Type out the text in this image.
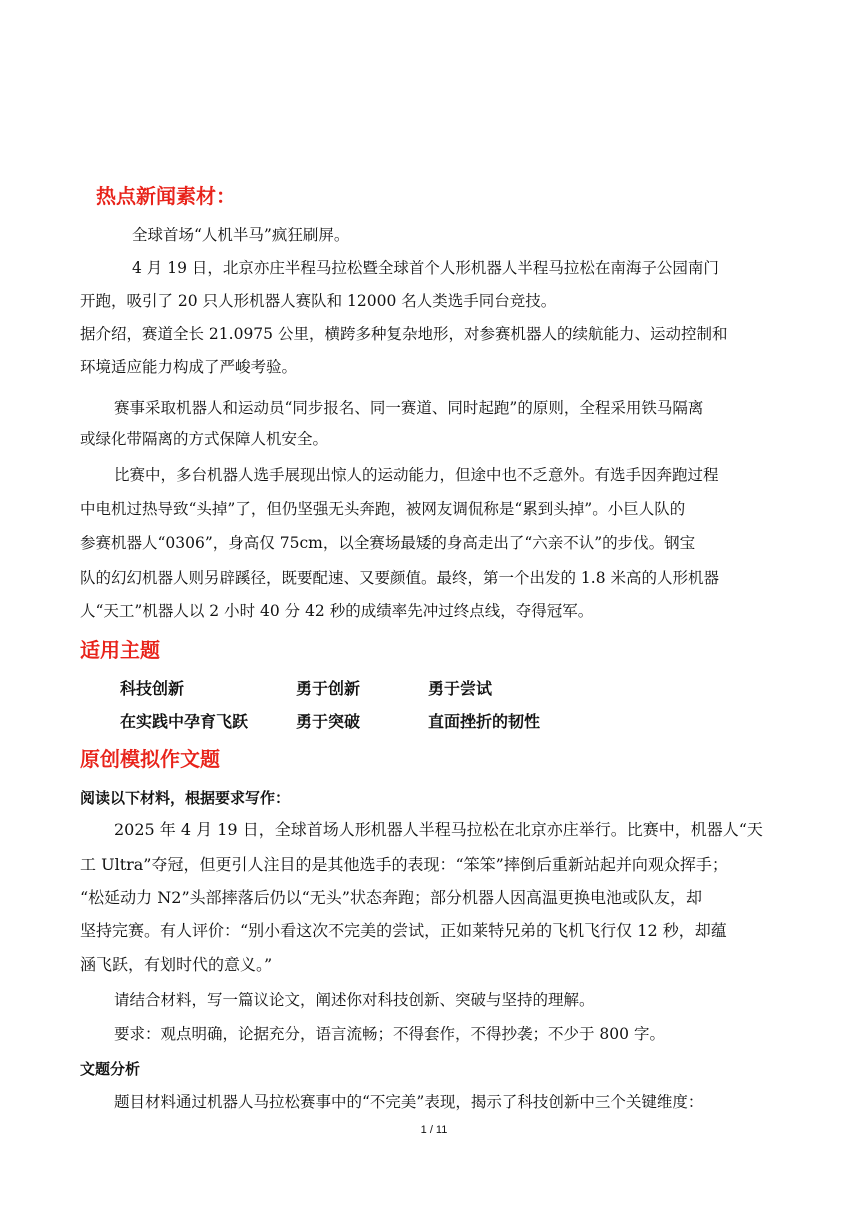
热点新闻素材：
全球首场“人机半马”疯狂刷屏。
4 月 19 日，北京亦庄半程马拉松暨全球首个人形机器人半程马拉松在南海子公园南门
开跑，吸引了 20 只人形机器人赛队和 12000 名人类选手同台竞技。
据介绍，赛道全长 21.0975 公里，横跨多种复杂地形，对参赛机器人的续航能力、运动控制和
环境适应能力构成了严峻考验。
赛事采取机器人和运动员“同步报名、同一赛道、同时起跑”的原则，全程采用铁马隔离
或绿化带隔离的方式保障人机安全。
比赛中，多台机器人选手展现出惊人的运动能力，但途中也不乏意外。有选手因奔跑过程
中电机过热导致“头掉”了，但仍坚强无头奔跑，被网友调侃称是“累到头掉”。小巨人队的
参赛机器人“0306”，身高仅 75cm，以全赛场最矮的身高走出了“六亲不认”的步伐。钢宝
队的幻幻机器人则另辟蹊径，既要配速、又要颜值。最终，第一个出发的 1.8 米高的人形机器
人“天工”机器人以 2 小时 40 分 42 秒的成绩率先冲过终点线，夺得冠军。
适用主题
科技创新	勇于创新	勇于尝试
在实践中孕育飞跃	勇于突破	直面挫折的韧性
原创模拟作文题
阅读以下材料，根据要求写作：
2025 年 4 月 19 日，全球首场人形机器人半程马拉松在北京亦庄举行。比赛中，机器人“天
工 Ultra”夺冠，但更引人注目的是其他选手的表现：“笨笨”摔倒后重新站起并向观众挥手；
“松延动力 N2”头部摔落后仍以“无头”状态奔跑；部分机器人因高温更换电池或队友，却
坚持完赛。有人评价：“别小看这次不完美的尝试，正如莱特兄弟的飞机飞行仅 12 秒，却蕴
涵飞跃，有划时代的意义。”
请结合材料，写一篇议论文，阐述你对科技创新、突破与坚持的理解。
要求：观点明确，论据充分，语言流畅；不得套作，不得抄袭；不少于 800 字。
文题分析
题目材料通过机器人马拉松赛事中的“不完美”表现，揭示了科技创新中三个关键维度：
1 / 11
